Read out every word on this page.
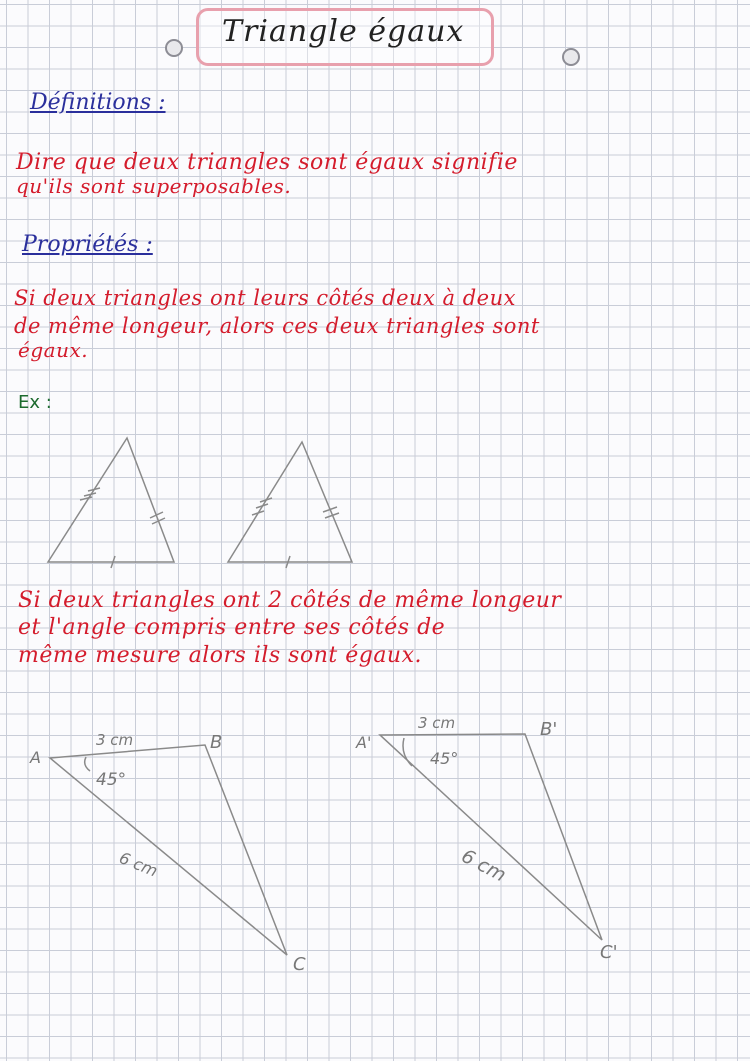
Triangle égaux
Définitions :
Dire que deux triangles sont égaux signifie
qu'ils sont superposables.
Propriétés :
Si deux triangles ont leurs côtés deux à deux
de même longeur, alors ces deux triangles sont
égaux.
Ex :
Si deux triangles ont 2 côtés de même longeur
et l'angle compris entre ses côtés de
même mesure alors ils sont égaux.
A
B
C
3 cm
45°
6 cm
A'
B'
C'
3 cm
45°
6 cm
